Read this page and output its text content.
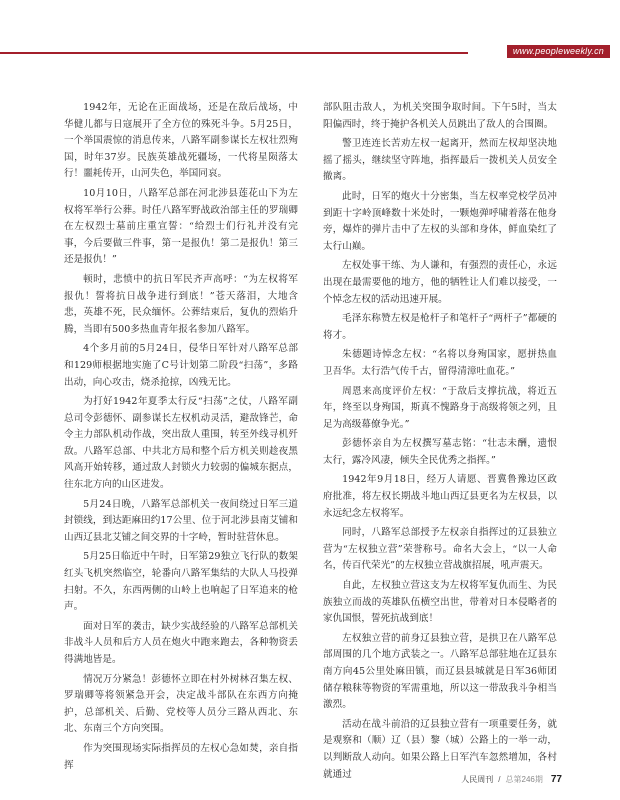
www.peopleweekly.cn

1942年，无论在正面战场，还是在敌后战场，中华健儿都与日寇展开了全方位的殊死斗争。5月25日，一个举国震惊的消息传来，八路军副参谋长左权壮烈殉国，时年37岁。民族英雄战死疆场，一代将星陨落太行！噩耗传开，山河失色，举国同哀。

10月10日，八路军总部在河北涉县莲花山下为左权将军举行公葬。时任八路军野战政治部主任的罗瑞卿在左权烈士墓前庄重宣誓：“给烈士们行礼并没有完事，今后要做三件事，第一是报仇！第二是报仇！第三还是报仇！”

顿时，悲愤中的抗日军民齐声高呼：“为左权将军报仇！誓将抗日战争进行到底！”苍天落泪，大地含悲，英雄不死，民众缅怀。公葬结束后，复仇的烈焰升腾，当即有500多热血青年报名参加八路军。

4个多月前的5月24日，侵华日军针对八路军总部和129师根据地实施了C号计划第二阶段“扫荡”，多路出动，向心攻击，烧杀抢掠，凶残无比。

为打好1942年夏季太行反“扫荡”之仗，八路军副总司令彭德怀、副参谋长左权机动灵活，避敌锋芒，命令主力部队机动作战，突出敌人重围，转至外线寻机歼敌。八路军总部、中共北方局和整个后方机关则趁夜黑风高开始转移，通过敌人封锁火力较弱的偏城东据点，往东北方向的山区进发。

5月24日晚，八路军总部机关一夜间绕过日军三道封锁线，到达距麻田约17公里、位于河北涉县南艾铺和山西辽县北艾铺之间交界的十字岭，暂时驻营休息。

5月25日临近中午时，日军第29独立飞行队的数架红头飞机突然临空，轮番向八路军集结的大队人马投弹扫射。不久，东西两侧的山岭上也响起了日军追来的枪声。

面对日军的袭击，缺少实战经验的八路军总部机关非战斗人员和后方人员在炮火中跑来跑去，各种物资丢得满地皆是。

情况万分紧急！彭德怀立即在村外树林召集左权、罗瑞卿等将领紧急开会，决定战斗部队在东西方向掩护，总部机关、后勤、党校等人员分三路从西北、东北、东南三个方向突围。

作为突围现场实际指挥员的左权心急如焚，亲自指挥

部队阻击敌人，为机关突围争取时间。下午5时，当太阳偏西时，终于掩护各机关人员跳出了敌人的合围圈。

警卫连连长苦劝左权一起离开，然而左权却坚决地摇了摇头，继续坚守阵地，指挥最后一拨机关人员安全撤离。

此时，日军的炮火十分密集，当左权率党校学员冲到距十字岭顶峰数十米处时，一颗炮弹呼啸着落在他身旁，爆炸的弹片击中了左权的头部和身体，鲜血染红了太行山巅。

左权处事干练、为人谦和，有强烈的责任心，永远出现在最需要他的地方，他的牺牲让人们难以接受，一个悼念左权的活动迅速开展。

毛泽东称赞左权是枪杆子和笔杆子“两杆子”都硬的将才。

朱德题诗悼念左权：“名将以身殉国家，愿拼热血卫吾华。太行浩气传千古，留得清漳吐血花。”

周恩来高度评价左权：“于敌后支撑抗战，将近五年，终至以身殉国，斯真不愧路身于高级将领之列，且足为高级幕僚争光。”

彭德怀亲自为左权撰写墓志铭：“壮志未酬，遗恨太行，露冷风凄，倾失全民优秀之指挥。”

1942年9月18日，经万人请愿、晋冀鲁豫边区政府批准，将左权长期战斗地山西辽县更名为左权县，以永远纪念左权将军。

同时，八路军总部授予左权亲自指挥过的辽县独立营为“左权独立营”荣誉称号。命名大会上，“以一人命名，传百代荣光”的左权独立营战旗招展，吼声震天。

自此，左权独立营这支为左权将军复仇而生、为民族独立而战的英雄队伍横空出世，带着对日本侵略者的家仇国恨，誓死抗战到底！

左权独立营的前身辽县独立营，是拱卫在八路军总部周围的几个地方武装之一。八路军总部驻地在辽县东南方向45公里处麻田镇，而辽县县城就是日军36师团储存粮秣等物资的军需重地，所以这一带敌我斗争相当激烈。

活动在战斗前沿的辽县独立营有一项重要任务，就是观察和（顺）辽（县）黎（城）公路上的一举一动，以判断敌人动向。如果公路上日军汽车忽然增加，各村就通过	人民周刊 / 总第246期 77
